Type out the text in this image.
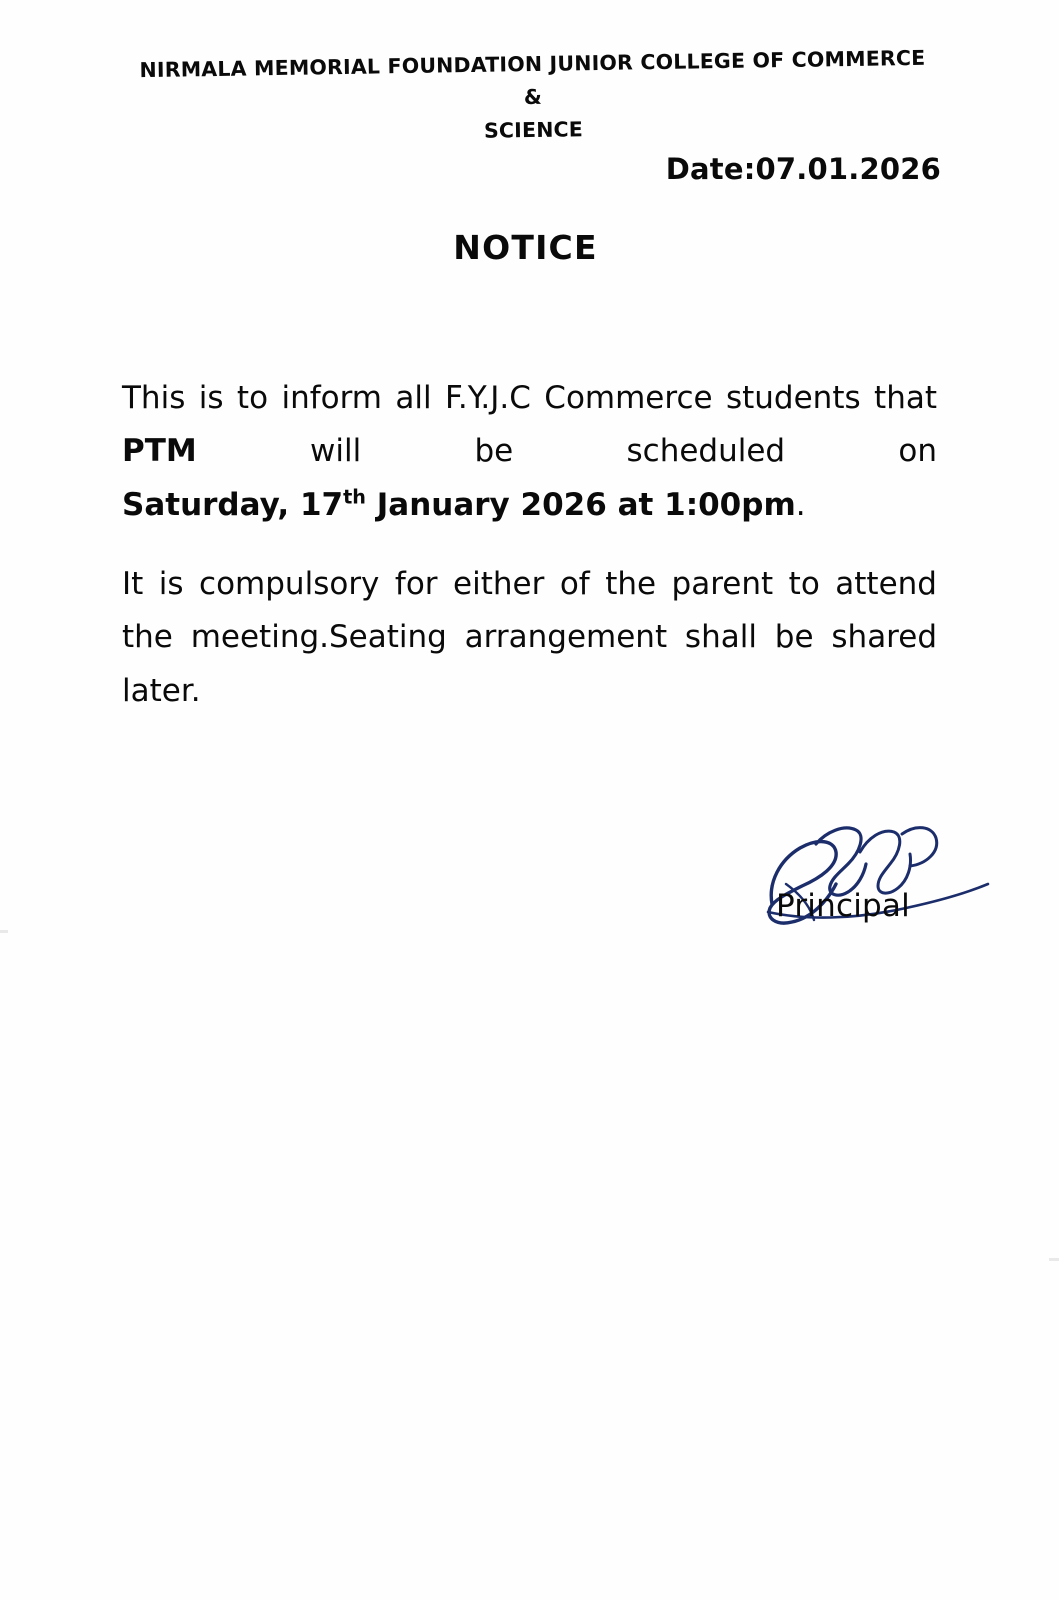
NIRMALA MEMORIAL FOUNDATION JUNIOR COLLEGE OF COMMERCE &
SCIENCE
Date:07.01.2026
NOTICE

This is to inform all F.Y.J.C Commerce students that PTM will be scheduled on Saturday, 17th January 2026 at 1:00pm.

It is compulsory for either of the parent to attend the meeting.Seating arrangement shall be shared later.

Principal
